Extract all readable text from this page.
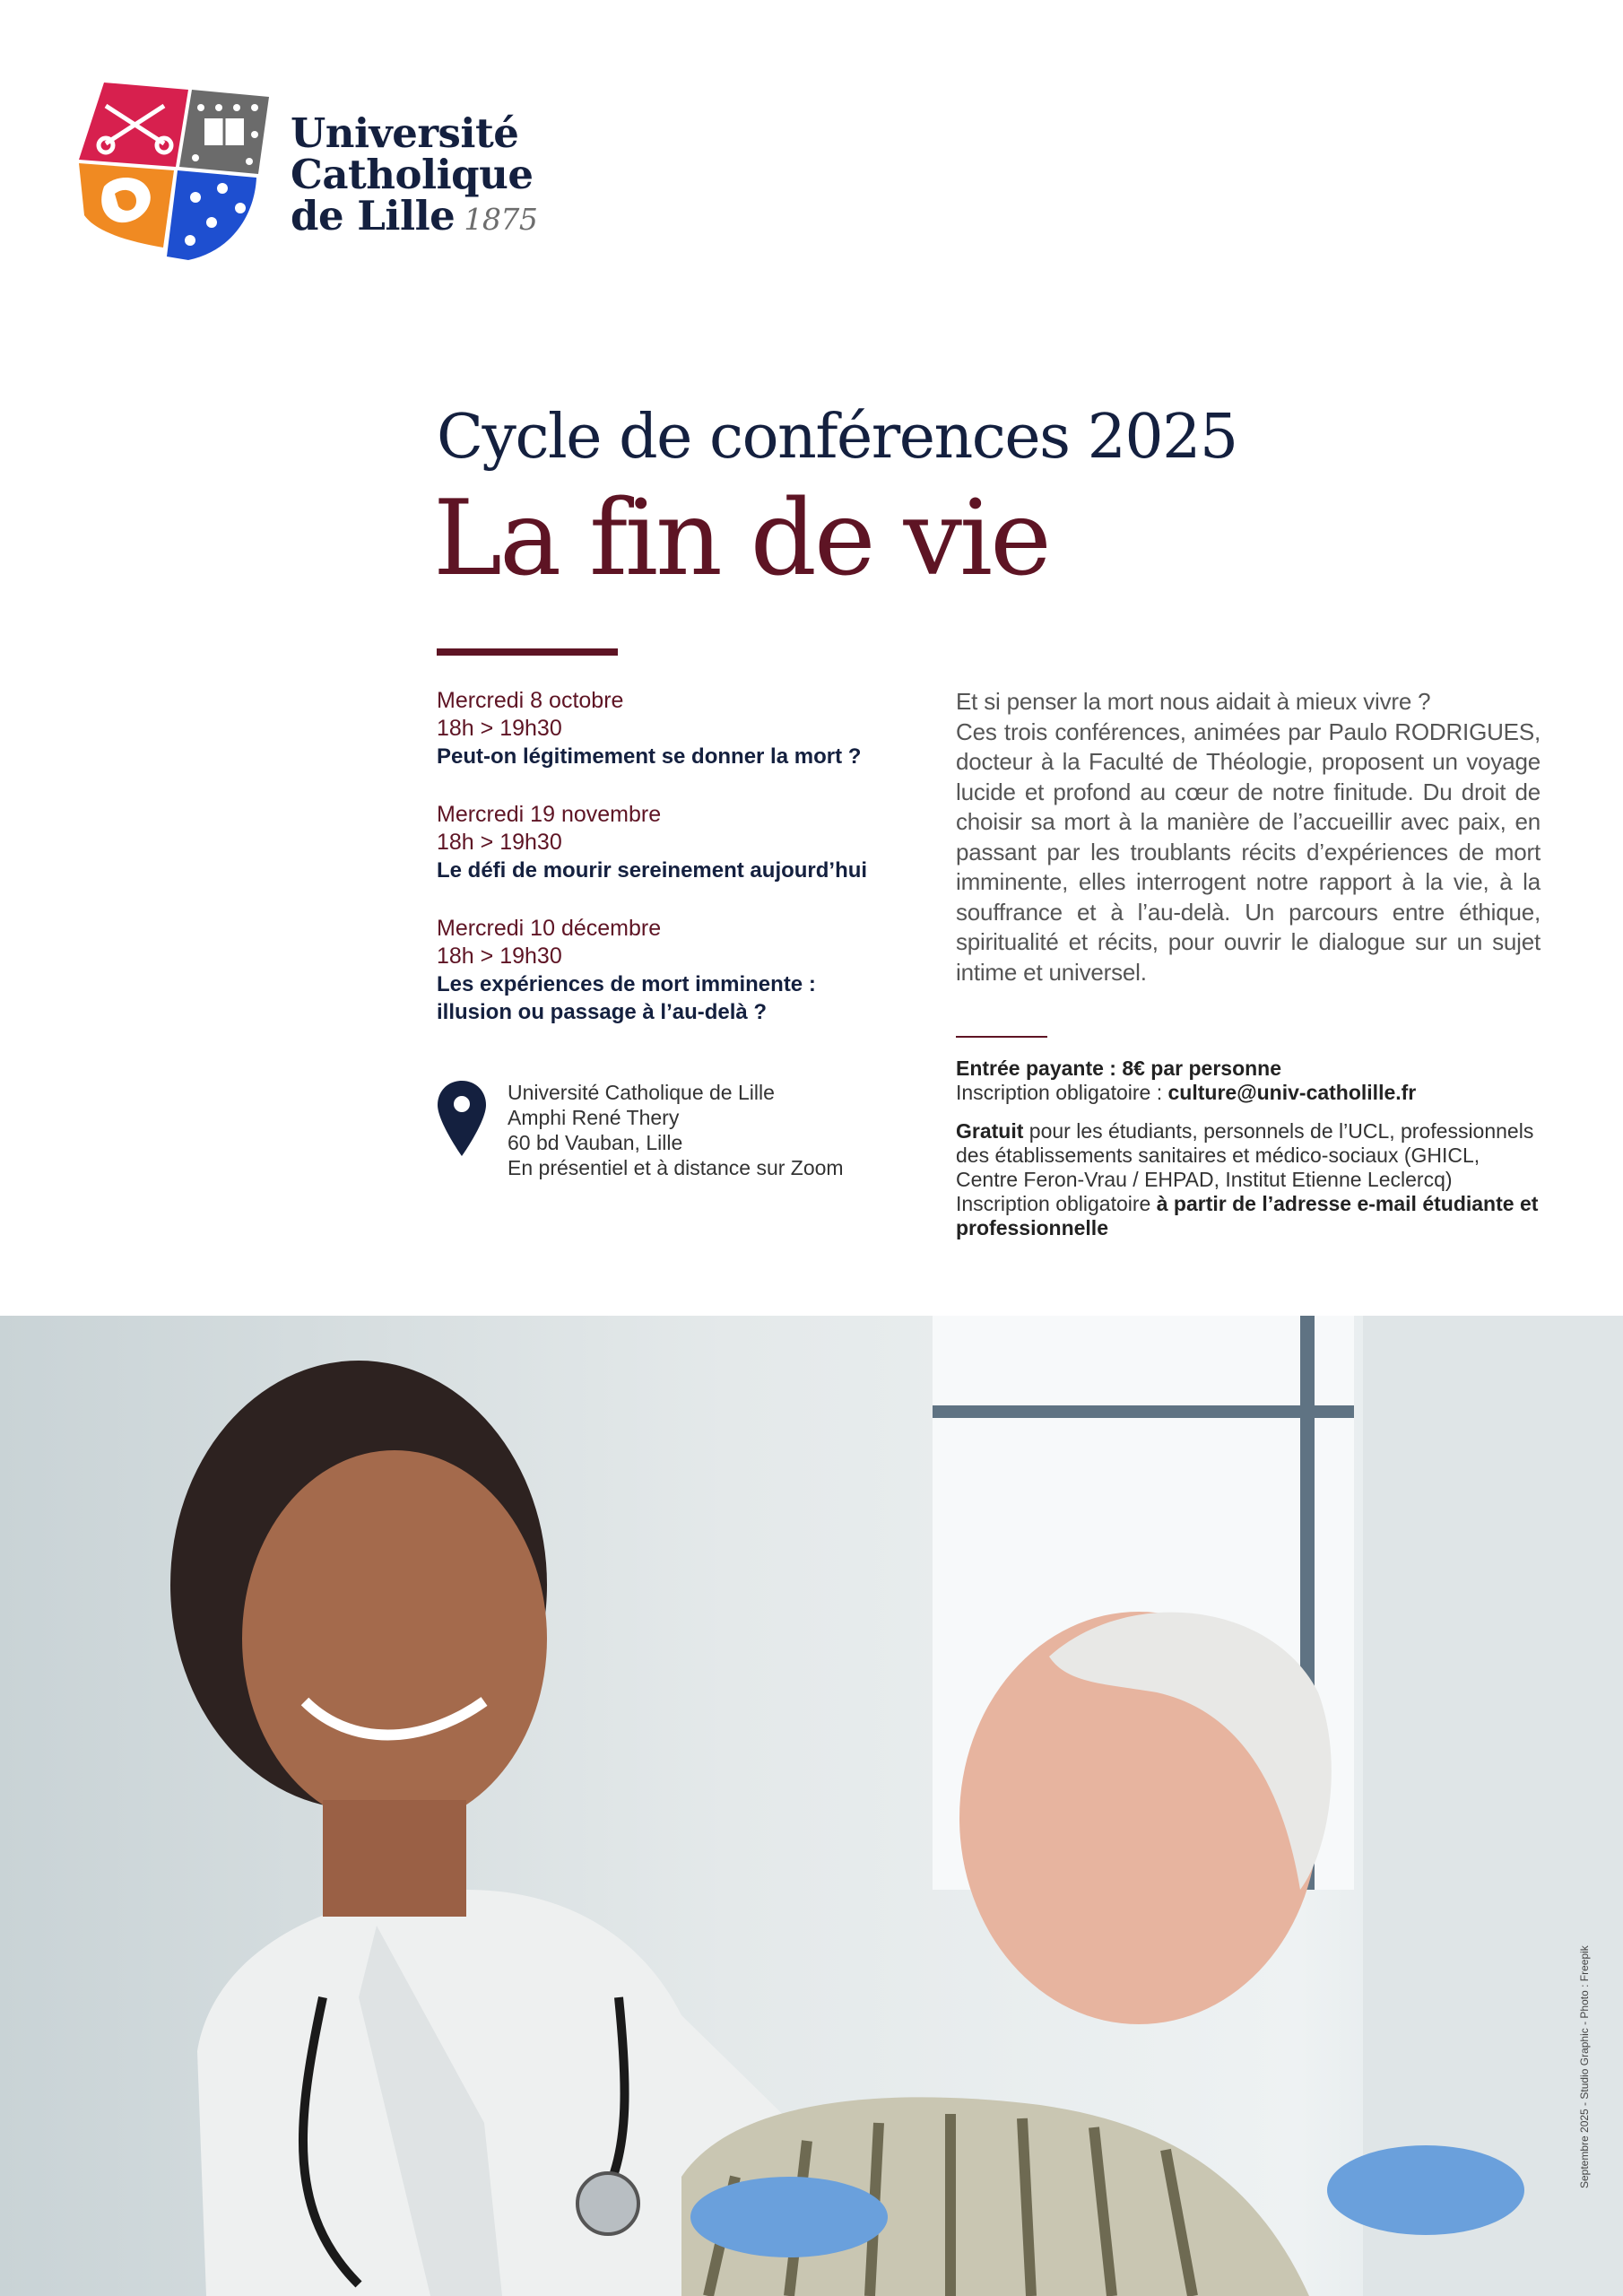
Université
Catholique
de Lille 1875
Cycle de conférences 2025
La fin de vie
Mercredi 8 octobre
18h > 19h30
Peut-on légitimement se donner la mort ?
Mercredi 19 novembre
18h > 19h30
Le défi de mourir sereinement aujourd’hui
Mercredi 10 décembre
18h > 19h30
Les expériences de mort imminente :
illusion ou passage à l’au-delà ?
Université Catholique de Lille
Amphi René Thery
60 bd Vauban, Lille
En présentiel et à distance sur Zoom
Et si penser la mort nous aidait à mieux vivre ?
Ces trois conférences, animées par Paulo RODRIGUES, docteur à la Faculté de Théologie, proposent un voyage lucide et profond au cœur de notre finitude. Du droit de choisir sa mort à la manière de l’accueillir avec paix, en passant par les troublants récits d’expériences de mort imminente, elles interrogent notre rapport à la vie, à la souffrance et à l’au-delà. Un parcours entre éthique, spiritualité et récits, pour ouvrir le dialogue sur un sujet intime et universel.

Entrée payante : 8€ par personne
Inscription obligatoire : culture@univ-catholille.fr

Gratuit pour les étudiants, personnels de l’UCL, professionnels des établissements sanitaires et médico-sociaux (GHICL, Centre Feron-Vrau / EHPAD, Institut Etienne Leclercq)
Inscription obligatoire à partir de l’adresse e-mail étudiante et professionnelle

Septembre 2025 - Studio Graphic - Photo : Freepik
